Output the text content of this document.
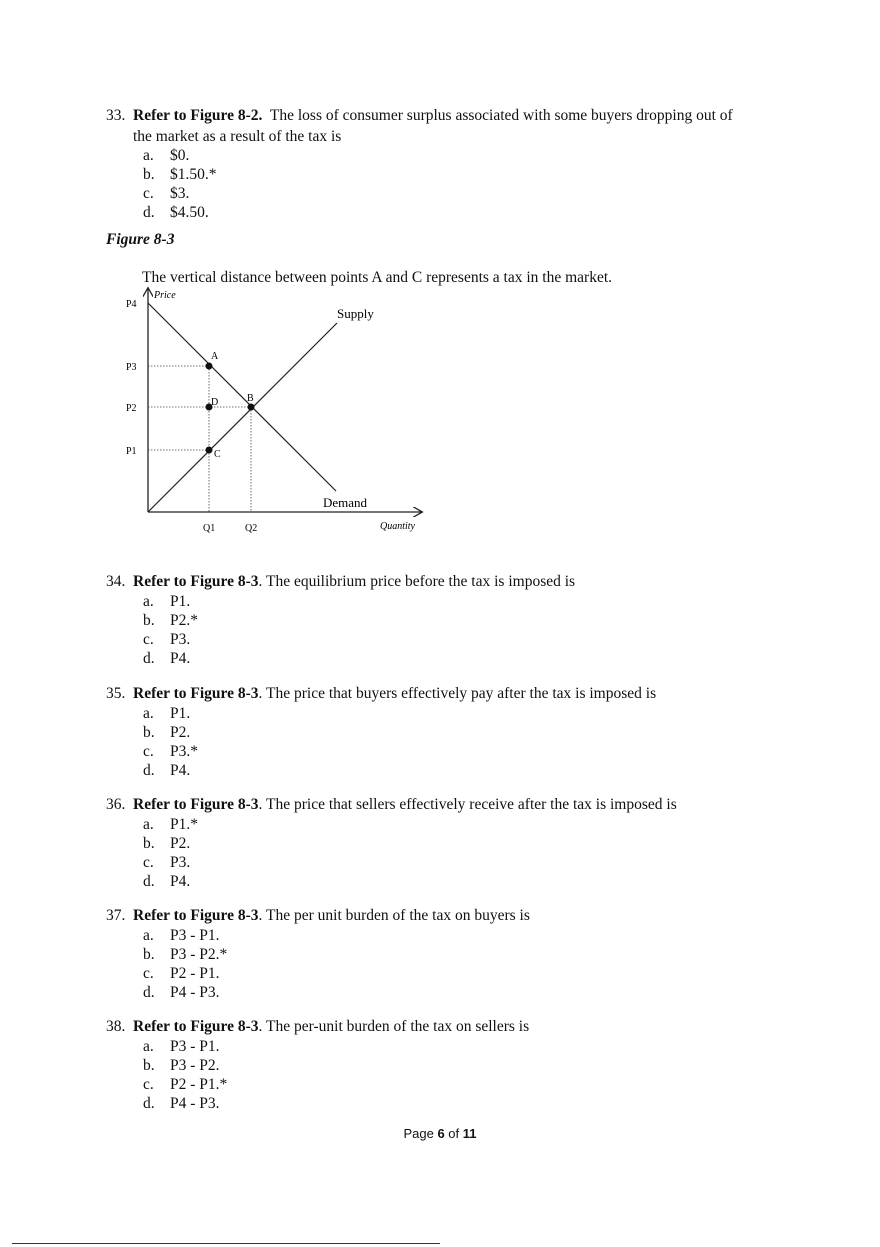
33. Refer to Figure 8-2.  The loss of consumer surplus associated with some buyers dropping out of
the market as a result of the tax is
a. $0.
b. $1.50.*
c. $3.
d. $4.50.
Figure 8-3
The vertical distance between points A and C represents a tax in the market.
Price
Quantity
P4
P3
P2
P1
Q1	Q2
Supply
Demand
A
B
C
D
34. Refer to Figure 8-3. The equilibrium price before the tax is imposed is
a. P1.
b. P2.*
c. P3.
d. P4.
35. Refer to Figure 8-3. The price that buyers effectively pay after the tax is imposed is
a. P1.
b. P2.
c. P3.*
d. P4.
36. Refer to Figure 8-3. The price that sellers effectively receive after the tax is imposed is
a. P1.*
b. P2.
c. P3.
d. P4.
37. Refer to Figure 8-3. The per unit burden of the tax on buyers is
a. P3 - P1.
b. P3 - P2.*
c. P2 - P1.
d. P4 - P3.
38. Refer to Figure 8-3. The per-unit burden of the tax on sellers is
a. P3 - P1.
b. P3 - P2.
c. P2 - P1.*
d. P4 - P3.
Page 6 of 11
